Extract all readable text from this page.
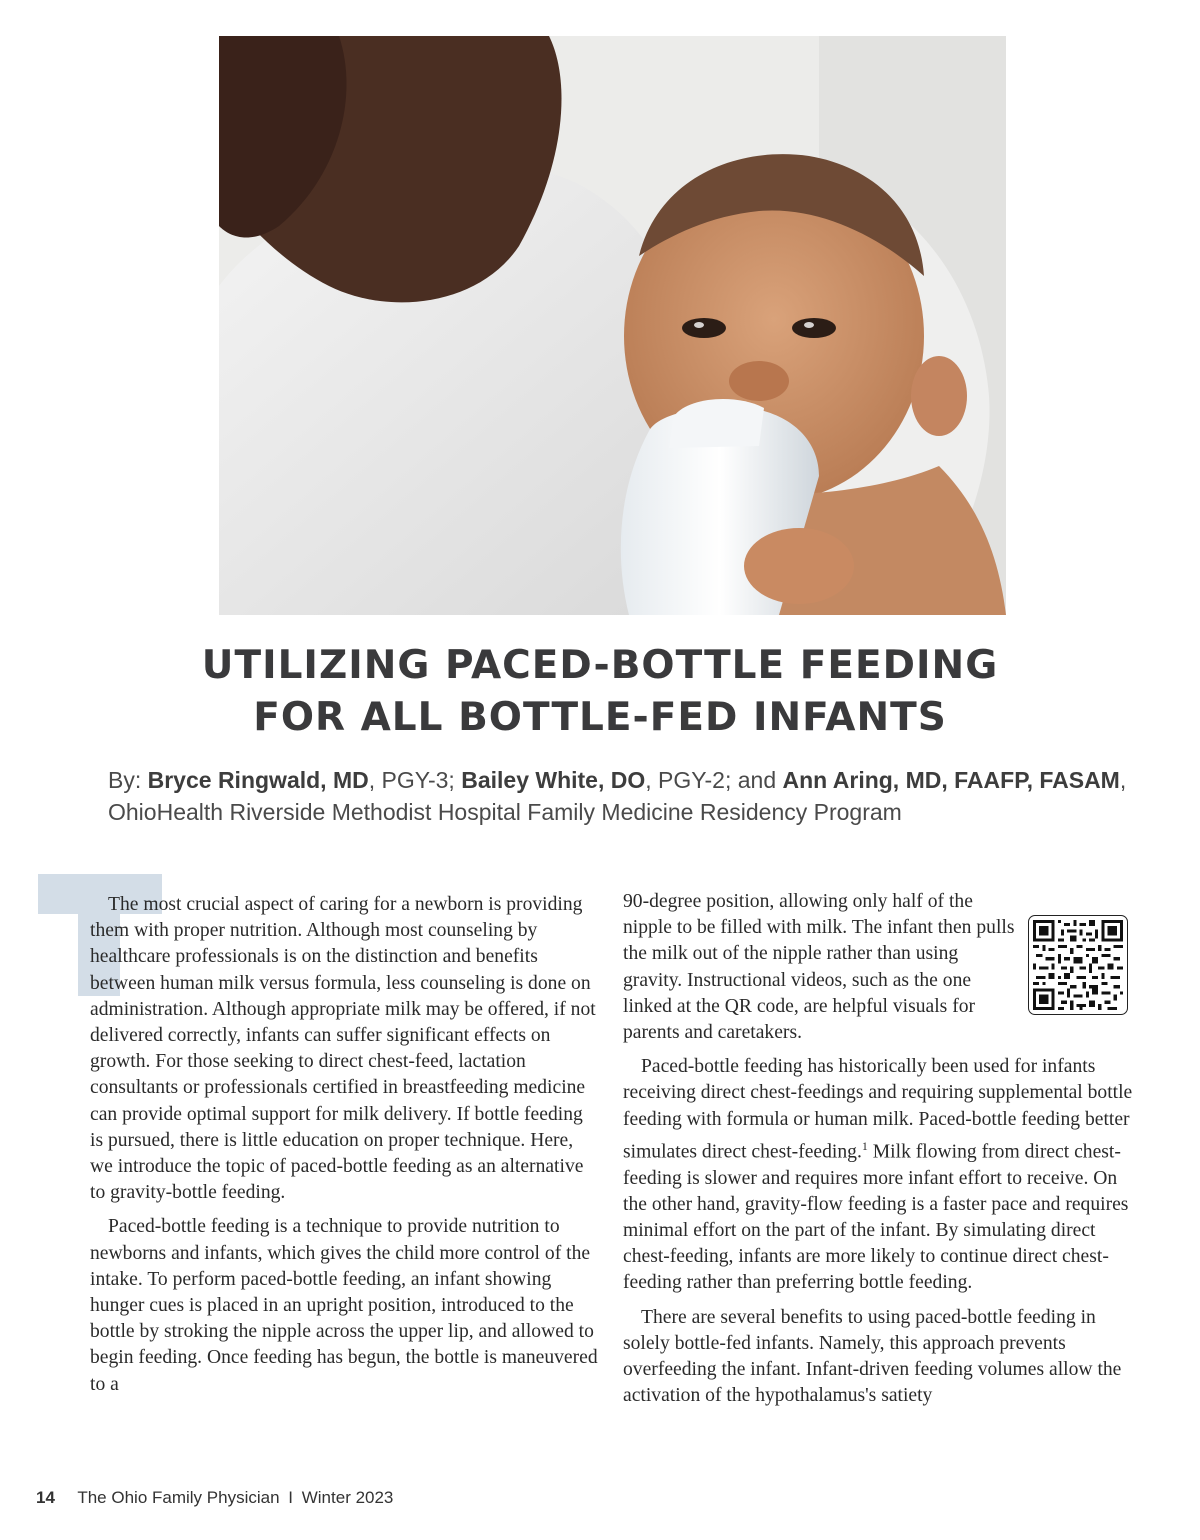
UTILIZING PACED-BOTTLE FEEDING
FOR ALL BOTTLE-FED INFANTS
By: Bryce Ringwald, MD, PGY-3; Bailey White, DO, PGY-2; and Ann Aring, MD, FAAFP, FASAM, OhioHealth Riverside Methodist Hospital Family Medicine Residency Program

The most crucial aspect of caring for a newborn is providing them with proper nutrition. Although most counseling by healthcare professionals is on the distinction and benefits between human milk versus formula, less counseling is done on administration. Although appropriate milk may be offered, if not delivered correctly, infants can suffer significant effects on growth. For those seeking to direct chest-feed, lactation consultants or professionals certified in breastfeeding medicine can provide optimal support for milk delivery. If bottle feeding is pursued, there is little education on proper technique. Here, we introduce the topic of paced-bottle feeding as an alternative to gravity-bottle feeding.

Paced-bottle feeding is a technique to provide nutrition to newborns and infants, which gives the child more control of the intake. To perform paced-bottle feeding, an infant showing hunger cues is placed in an upright position, introduced to the bottle by stroking the nipple across the upper lip, and allowed to begin feeding. Once feeding has begun, the bottle is maneuvered to a

90-degree position, allowing only half of the nipple to be filled with milk. The infant then pulls the milk out of the nipple rather than using gravity. Instructional videos, such as the one linked at the QR code, are helpful visuals for parents and caretakers.

Paced-bottle feeding has historically been used for infants receiving direct chest-feedings and requiring supplemental bottle feeding with formula or human milk. Paced-bottle feeding better simulates direct chest-feeding.$^1$ Milk flowing from direct chest-feeding is slower and requires more infant effort to receive. On the other hand, gravity-flow feeding is a faster pace and requires minimal effort on the part of the infant. By simulating direct chest-feeding, infants are more likely to continue direct chest-feeding rather than preferring bottle feeding.

There are several benefits to using paced-bottle feeding in solely bottle-fed infants. Namely, this approach prevents overfeeding the infant. Infant-driven feeding volumes allow the activation of the hypothalamus's satiety

14 The Ohio Family Physician I Winter 2023
